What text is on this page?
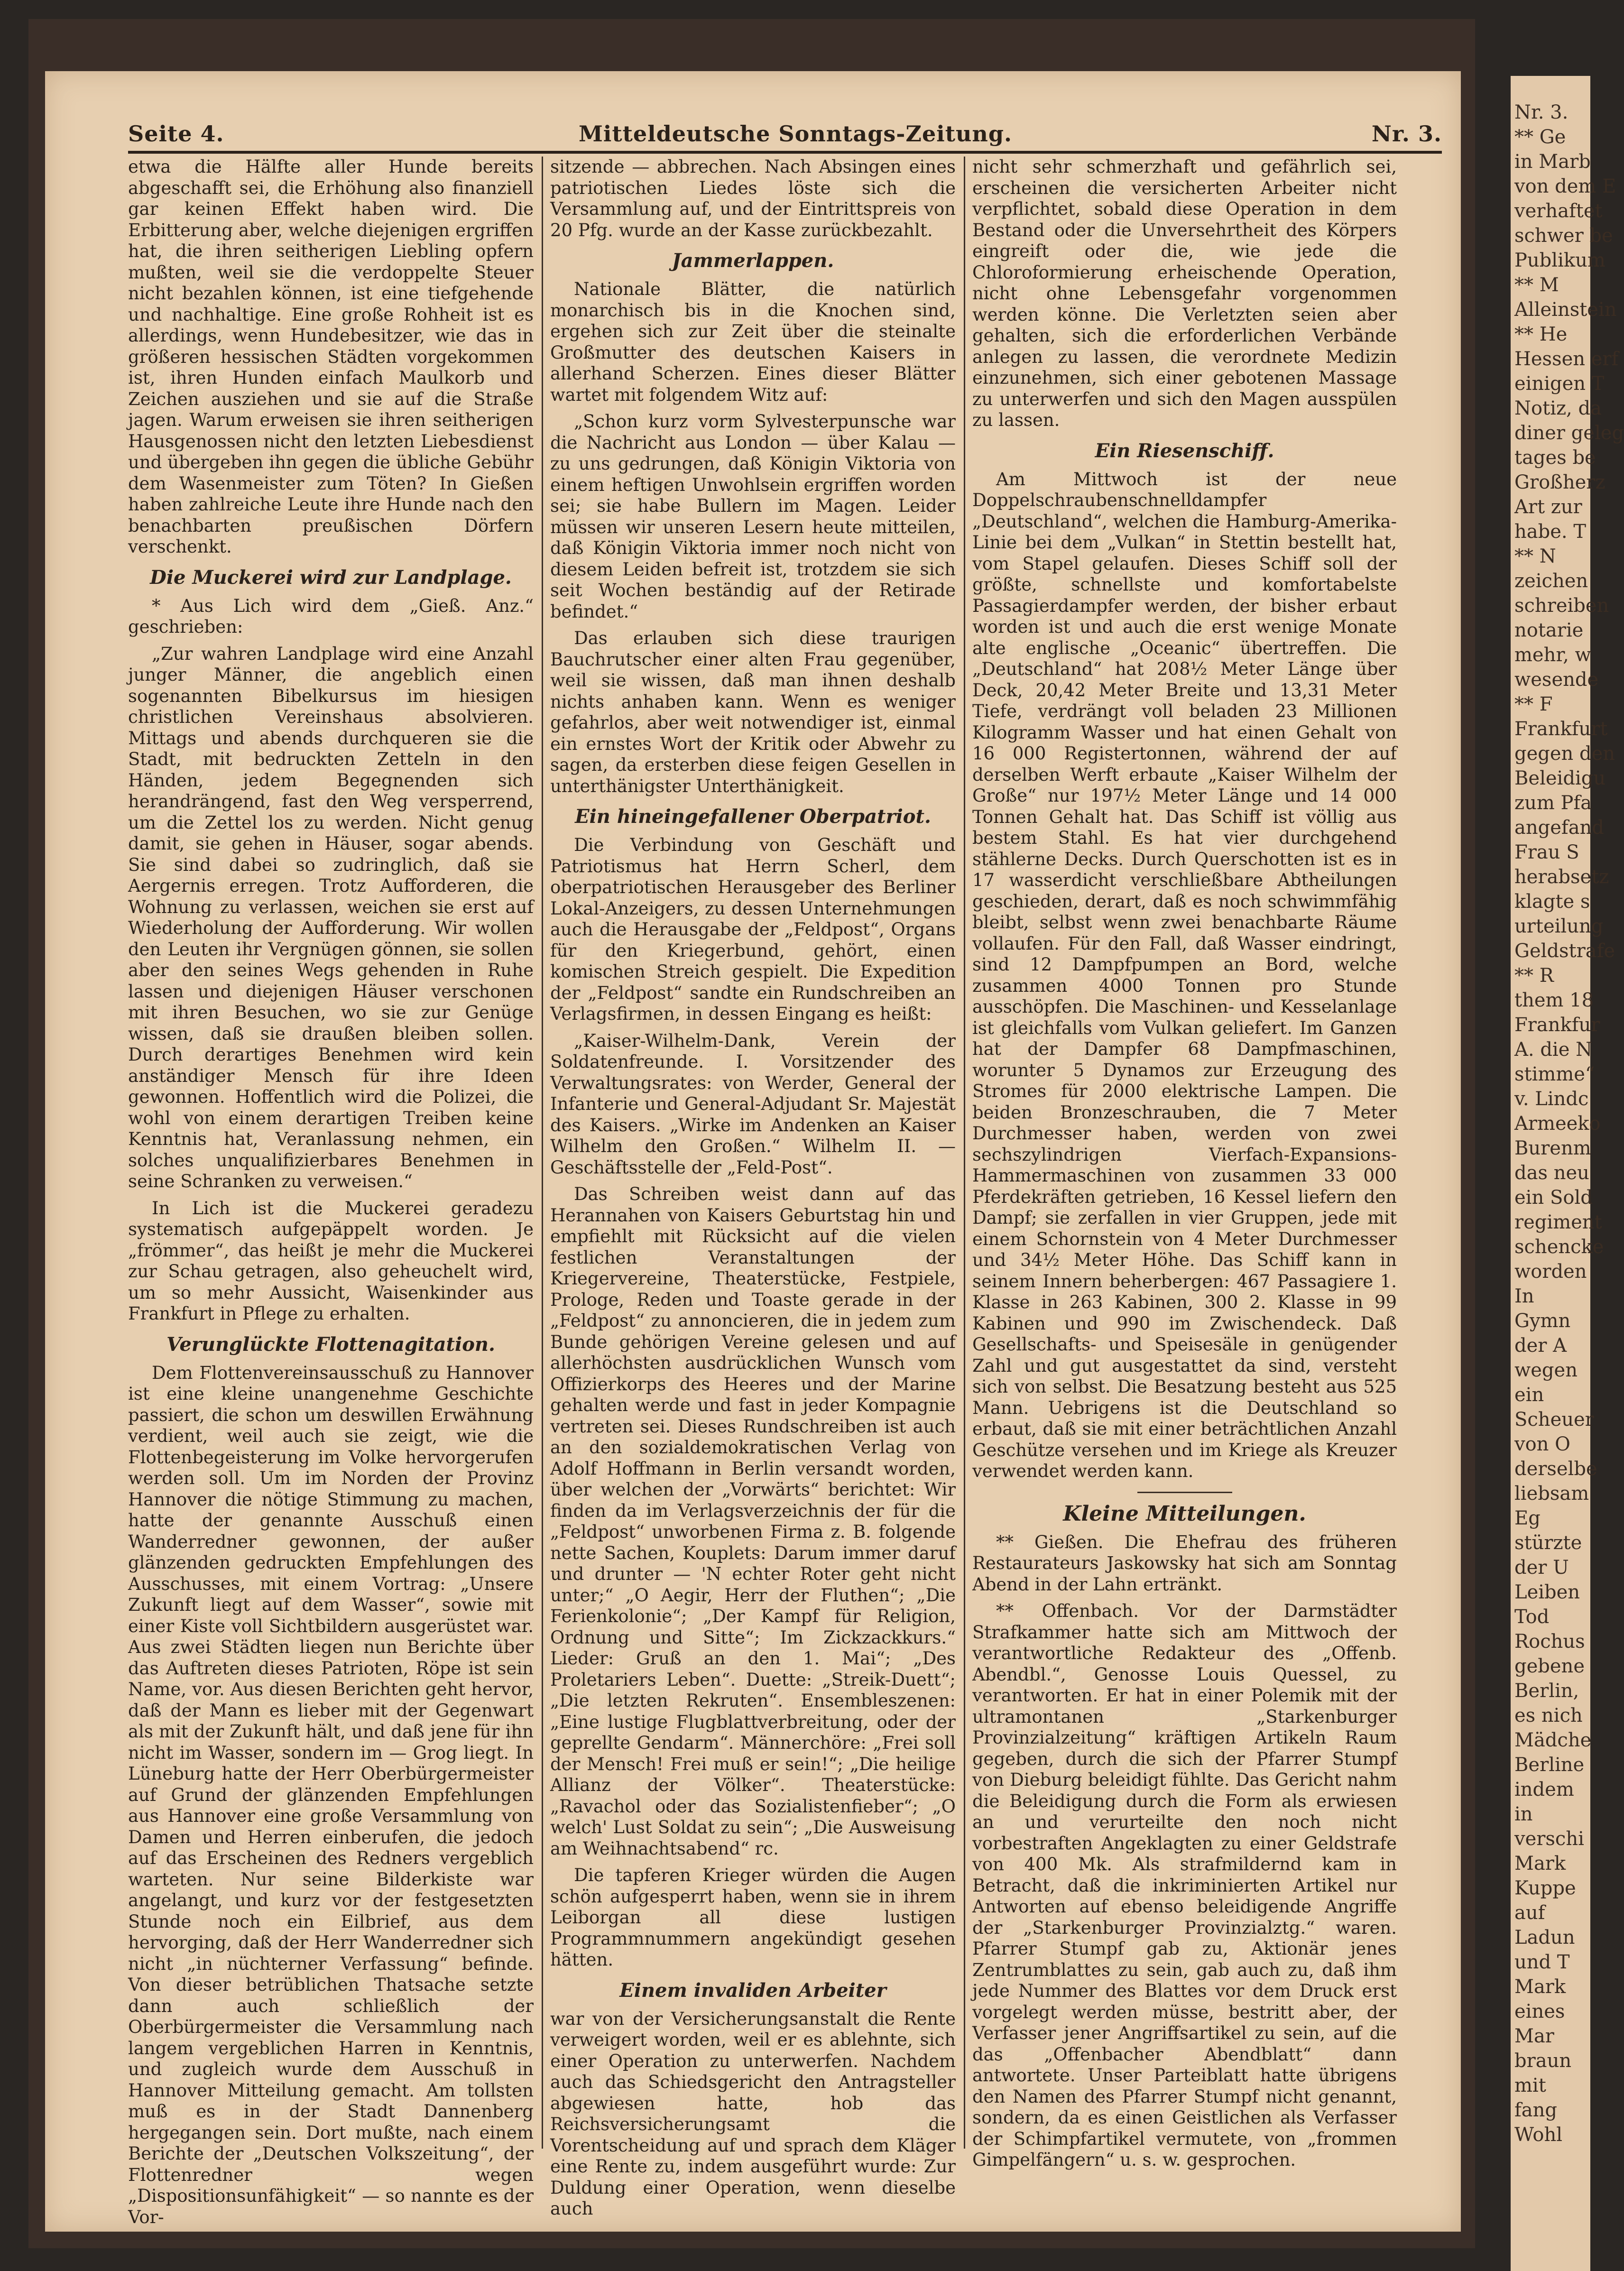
Nr. 3.
** Ge
in Marb
von dem E
verhaftet
schwer be
Publikum
** M
Alleinstein
** He
Hessen erf
einigen T
Notiz, da
diner geleg
tages be
Großherz
Art zur
habe. T
** N
zeichen
schreiben
notarie
mehr, w
wesende
** F
Frankfurt
gegen den
Beleidigu
zum Pfa
angefand
Frau S
herabsetz
klagte s
urteilung
Geldstrafe
** R
them 18
Frankfur
A. die N
stimme“
v. Lindc
Armeeko
Burenm
das neu
ein Sold
regiment
schencke
worden
In
Gymn
der A
wegen
ein
Scheuer
von O
derselbe
liebsam
Eg
stürzte
der U
Leiben
Tod
Rochus
gebene
Berlin,
es nich
Mädche
Berline
indem
in
verschi
Mark
Kuppe
auf
Ladun
und T
Mark
eines
Mar
braun
mit
fang
Wohl
Seite 4.	Mitteldeutsche Sonntags-Zeitung.	Nr. 3.

etwa die Hälfte aller Hunde bereits abgeschafft sei, die Erhöhung also finanziell gar keinen Effekt haben wird. Die Erbitterung aber, welche diejenigen ergriffen hat, die ihren seitherigen Liebling opfern mußten, weil sie die verdoppelte Steuer nicht bezahlen können, ist eine tiefgehende und nachhaltige. Eine große Rohheit ist es allerdings, wenn Hundebesitzer, wie das in größeren hessischen Städten vorgekommen ist, ihren Hunden einfach Maulkorb und Zeichen ausziehen und sie auf die Straße jagen. Warum erweisen sie ihren seitherigen Hausgenossen nicht den letzten Liebesdienst und übergeben ihn gegen die übliche Gebühr dem Wasenmeister zum Töten? In Gießen haben zahlreiche Leute ihre Hunde nach den benachbarten preußischen Dörfern verschenkt.

Die Muckerei wird zur Landplage.

* Aus Lich wird dem „Gieß. Anz.“ geschrieben:

„Zur wahren Landplage wird eine Anzahl junger Männer, die angeblich einen sogenannten Bibelkursus im hiesigen christlichen Vereinshaus absolvieren. Mittags und abends durchqueren sie die Stadt, mit bedruckten Zetteln in den Händen, jedem Begegnenden sich herandrängend, fast den Weg versperrend, um die Zettel los zu werden. Nicht genug damit, sie gehen in Häuser, sogar abends. Sie sind dabei so zudringlich, daß sie Aergernis erregen. Trotz Aufforderen, die Wohnung zu verlassen, weichen sie erst auf Wiederholung der Aufforderung. Wir wollen den Leuten ihr Vergnügen gönnen, sie sollen aber den seines Wegs gehenden in Ruhe lassen und diejenigen Häuser verschonen mit ihren Besuchen, wo sie zur Genüge wissen, daß sie draußen bleiben sollen. Durch derartiges Benehmen wird kein anständiger Mensch für ihre Ideen gewonnen. Hoffentlich wird die Polizei, die wohl von einem derartigen Treiben keine Kenntnis hat, Veranlassung nehmen, ein solches unqualifizierbares Benehmen in seine Schranken zu verweisen.“

In Lich ist die Muckerei geradezu systematisch aufgepäppelt worden. Je „frömmer“, das heißt je mehr die Muckerei zur Schau getragen, also geheuchelt wird, um so mehr Aussicht, Waisenkinder aus Frankfurt in Pflege zu erhalten.

Verunglückte Flottenagitation.

Dem Flottenvereinsausschuß zu Hannover ist eine kleine unangenehme Geschichte passiert, die schon um deswillen Erwähnung verdient, weil auch sie zeigt, wie die Flottenbegeisterung im Volke hervorgerufen werden soll. Um im Norden der Provinz Hannover die nötige Stimmung zu machen, hatte der genannte Ausschuß einen Wanderredner gewonnen, der außer glänzenden gedruckten Empfehlungen des Ausschusses, mit einem Vortrag: „Unsere Zukunft liegt auf dem Wasser“, sowie mit einer Kiste voll Sichtbildern ausgerüstet war. Aus zwei Städten liegen nun Berichte über das Auftreten dieses Patrioten, Röpe ist sein Name, vor. Aus diesen Berichten geht hervor, daß der Mann es lieber mit der Gegenwart als mit der Zukunft hält, und daß jene für ihn nicht im Wasser, sondern im — Grog liegt. In Lüneburg hatte der Herr Oberbürgermeister auf Grund der glänzenden Empfehlungen aus Hannover eine große Versammlung von Damen und Herren einberufen, die jedoch auf das Erscheinen des Redners vergeblich warteten. Nur seine Bilderkiste war angelangt, und kurz vor der festgesetzten Stunde noch ein Eilbrief, aus dem hervorging, daß der Herr Wanderredner sich nicht „in nüchterner Verfassung“ befinde. Von dieser betrüblichen Thatsache setzte dann auch schließlich der Oberbürgermeister die Versammlung nach langem vergeblichen Harren in Kenntnis, und zugleich wurde dem Ausschuß in Hannover Mitteilung gemacht. Am tollsten muß es in der Stadt Dannenberg hergegangen sein. Dort mußte, nach einem Berichte der „Deutschen Volkszeitung“, der Flottenredner wegen „Dispositionsunfähigkeit“ — so nannte es der Vor-

sitzende — abbrechen. Nach Absingen eines patriotischen Liedes löste sich die Versammlung auf, und der Eintrittspreis von 20 Pfg. wurde an der Kasse zurückbezahlt.

Jammerlappen.

Nationale Blätter, die natürlich monarchisch bis in die Knochen sind, ergehen sich zur Zeit über die steinalte Großmutter des deutschen Kaisers in allerhand Scherzen. Eines dieser Blätter wartet mit folgendem Witz auf:

„Schon kurz vorm Sylvesterpunsche war die Nachricht aus London — über Kalau — zu uns gedrungen, daß Königin Viktoria von einem heftigen Unwohlsein ergriffen worden sei; sie habe Bullern im Magen. Leider müssen wir unseren Lesern heute mitteilen, daß Königin Viktoria immer noch nicht von diesem Leiden befreit ist, trotzdem sie sich seit Wochen beständig auf der Retirade befindet.“

Das erlauben sich diese traurigen Bauchrutscher einer alten Frau gegenüber, weil sie wissen, daß man ihnen deshalb nichts anhaben kann. Wenn es weniger gefahrlos, aber weit notwendiger ist, einmal ein ernstes Wort der Kritik oder Abwehr zu sagen, da ersterben diese feigen Gesellen in unterthänigster Unterthänigkeit.

Ein hineingefallener Oberpatriot.

Die Verbindung von Geschäft und Patriotismus hat Herrn Scherl, dem oberpatriotischen Herausgeber des Berliner Lokal-Anzeigers, zu dessen Unternehmungen auch die Herausgabe der „Feldpost“, Organs für den Kriegerbund, gehört, einen komischen Streich gespielt. Die Expedition der „Feldpost“ sandte ein Rundschreiben an Verlagsfirmen, in dessen Eingang es heißt:

„Kaiser-Wilhelm-Dank, Verein der Soldatenfreunde. I. Vorsitzender des Verwaltungsrates: von Werder, General der Infanterie und General-Adjudant Sr. Majestät des Kaisers. „Wirke im Andenken an Kaiser Wilhelm den Großen.“ Wilhelm II. — Geschäftsstelle der „Feld-Post“.

Das Schreiben weist dann auf das Herannahen von Kaisers Geburtstag hin und empfiehlt mit Rücksicht auf die vielen festlichen Veranstaltungen der Kriegervereine, Theaterstücke, Festpiele, Prologe, Reden und Toaste gerade in der „Feldpost“ zu annoncieren, die in jedem zum Bunde gehörigen Vereine gelesen und auf allerhöchsten ausdrücklichen Wunsch vom Offizierkorps des Heeres und der Marine gehalten werde und fast in jeder Kompagnie vertreten sei. Dieses Rundschreiben ist auch an den sozialdemokratischen Verlag von Adolf Hoffmann in Berlin versandt worden, über welchen der „Vorwärts“ berichtet: Wir finden da im Verlagsverzeichnis der für die „Feldpost“ unworbenen Firma z. B. folgende nette Sachen, Kouplets: Darum immer daruf und drunter — 'N echter Roter geht nicht unter;“ „O Aegir, Herr der Fluthen“; „Die Ferienkolonie“; „Der Kampf für Religion, Ordnung und Sitte“; Im Zickzackkurs.“ Lieder: Gruß an den 1. Mai“; „Des Proletariers Leben“. Duette: „Streik-Duett“; „Die letzten Rekruten“. Ensembleszenen: „Eine lustige Flugblattverbreitung, oder der geprellte Gendarm“. Männerchöre: „Frei soll der Mensch! Frei muß er sein!“; „Die heilige Allianz der Völker“. Theaterstücke: „Ravachol oder das Sozialistenfieber“; „O welch' Lust Soldat zu sein“; „Die Ausweisung am Weihnachtsabend“ rc.

Die tapferen Krieger würden die Augen schön aufgesperrt haben, wenn sie in ihrem Leiborgan all diese lustigen Programmnummern angekündigt gesehen hätten.

Einem invaliden Arbeiter

war von der Versicherungsanstalt die Rente verweigert worden, weil er es ablehnte, sich einer Operation zu unterwerfen. Nachdem auch das Schiedsgericht den Antragsteller abgewiesen hatte, hob das Reichsversicherungsamt die Vorentscheidung auf und sprach dem Kläger eine Rente zu, indem ausgeführt wurde: Zur Duldung einer Operation, wenn dieselbe auch

nicht sehr schmerzhaft und gefährlich sei, erscheinen die versicherten Arbeiter nicht verpflichtet, sobald diese Operation in dem Bestand oder die Unversehrtheit des Körpers eingreift oder die, wie jede die Chloroformierung erheischende Operation, nicht ohne Lebensgefahr vorgenommen werden könne. Die Verletzten seien aber gehalten, sich die erforderlichen Verbände anlegen zu lassen, die verordnete Medizin einzunehmen, sich einer gebotenen Massage zu unterwerfen und sich den Magen ausspülen zu lassen.

Ein Riesenschiff.

Am Mittwoch ist der neue Doppelschraubenschnelldampfer „Deutschland“, welchen die Hamburg-Amerika-Linie bei dem „Vulkan“ in Stettin bestellt hat, vom Stapel gelaufen. Dieses Schiff soll der größte, schnellste und komfortabelste Passagierdampfer werden, der bisher erbaut worden ist und auch die erst wenige Monate alte englische „Oceanic“ übertreffen. Die „Deutschland“ hat 208½ Meter Länge über Deck, 20,42 Meter Breite und 13,31 Meter Tiefe, verdrängt voll beladen 23 Millionen Kilogramm Wasser und hat einen Gehalt von 16 000 Registertonnen, während der auf derselben Werft erbaute „Kaiser Wilhelm der Große“ nur 197½ Meter Länge und 14 000 Tonnen Gehalt hat. Das Schiff ist völlig aus bestem Stahl. Es hat vier durchgehend stählerne Decks. Durch Querschotten ist es in 17 wasserdicht verschließbare Abtheilungen geschieden, derart, daß es noch schwimmfähig bleibt, selbst wenn zwei benachbarte Räume vollaufen. Für den Fall, daß Wasser eindringt, sind 12 Dampfpumpen an Bord, welche zusammen 4000 Tonnen pro Stunde ausschöpfen. Die Maschinen- und Kesselanlage ist gleichfalls vom Vulkan geliefert. Im Ganzen hat der Dampfer 68 Dampfmaschinen, worunter 5 Dynamos zur Erzeugung des Stromes für 2000 elektrische Lampen. Die beiden Bronzeschrauben, die 7 Meter Durchmesser haben, werden von zwei sechszylindrigen Vierfach-Expansions-Hammermaschinen von zusammen 33 000 Pferdekräften getrieben, 16 Kessel liefern den Dampf; sie zerfallen in vier Gruppen, jede mit einem Schornstein von 4 Meter Durchmesser und 34½ Meter Höhe. Das Schiff kann in seinem Innern beherbergen: 467 Passagiere 1. Klasse in 263 Kabinen, 300 2. Klasse in 99 Kabinen und 990 im Zwischendeck. Daß Gesellschafts- und Speisesäle in genügender Zahl und gut ausgestattet da sind, versteht sich von selbst. Die Besatzung besteht aus 525 Mann. Uebrigens ist die Deutschland so erbaut, daß sie mit einer beträchtlichen Anzahl Geschütze versehen und im Kriege als Kreuzer verwendet werden kann.

Kleine Mitteilungen.

** Gießen. Die Ehefrau des früheren Restaurateurs Jaskowsky hat sich am Sonntag Abend in der Lahn ertränkt.

** Offenbach. Vor der Darmstädter Strafkammer hatte sich am Mittwoch der verantwortliche Redakteur des „Offenb. Abendbl.“, Genosse Louis Quessel, zu verantworten. Er hat in einer Polemik mit der ultramontanen „Starkenburger Provinzialzeitung“ kräftigen Artikeln Raum gegeben, durch die sich der Pfarrer Stumpf von Dieburg beleidigt fühlte. Das Gericht nahm die Beleidigung durch die Form als erwiesen an und verurteilte den noch nicht vorbestraften Angeklagten zu einer Geldstrafe von 400 Mk. Als strafmildernd kam in Betracht, daß die inkriminierten Artikel nur Antworten auf ebenso beleidigende Angriffe der „Starkenburger Provinzialztg.“ waren. Pfarrer Stumpf gab zu, Aktionär jenes Zentrumblattes zu sein, gab auch zu, daß ihm jede Nummer des Blattes vor dem Druck erst vorgelegt werden müsse, bestritt aber, der Verfasser jener Angriffsartikel zu sein, auf die das „Offenbacher Abendblatt“ dann antwortete. Unser Parteiblatt hatte übrigens den Namen des Pfarrer Stumpf nicht genannt, sondern, da es einen Geistlichen als Verfasser der Schimpfartikel vermutete, von „frommen Gimpelfängern“ u. s. w. gesprochen.
